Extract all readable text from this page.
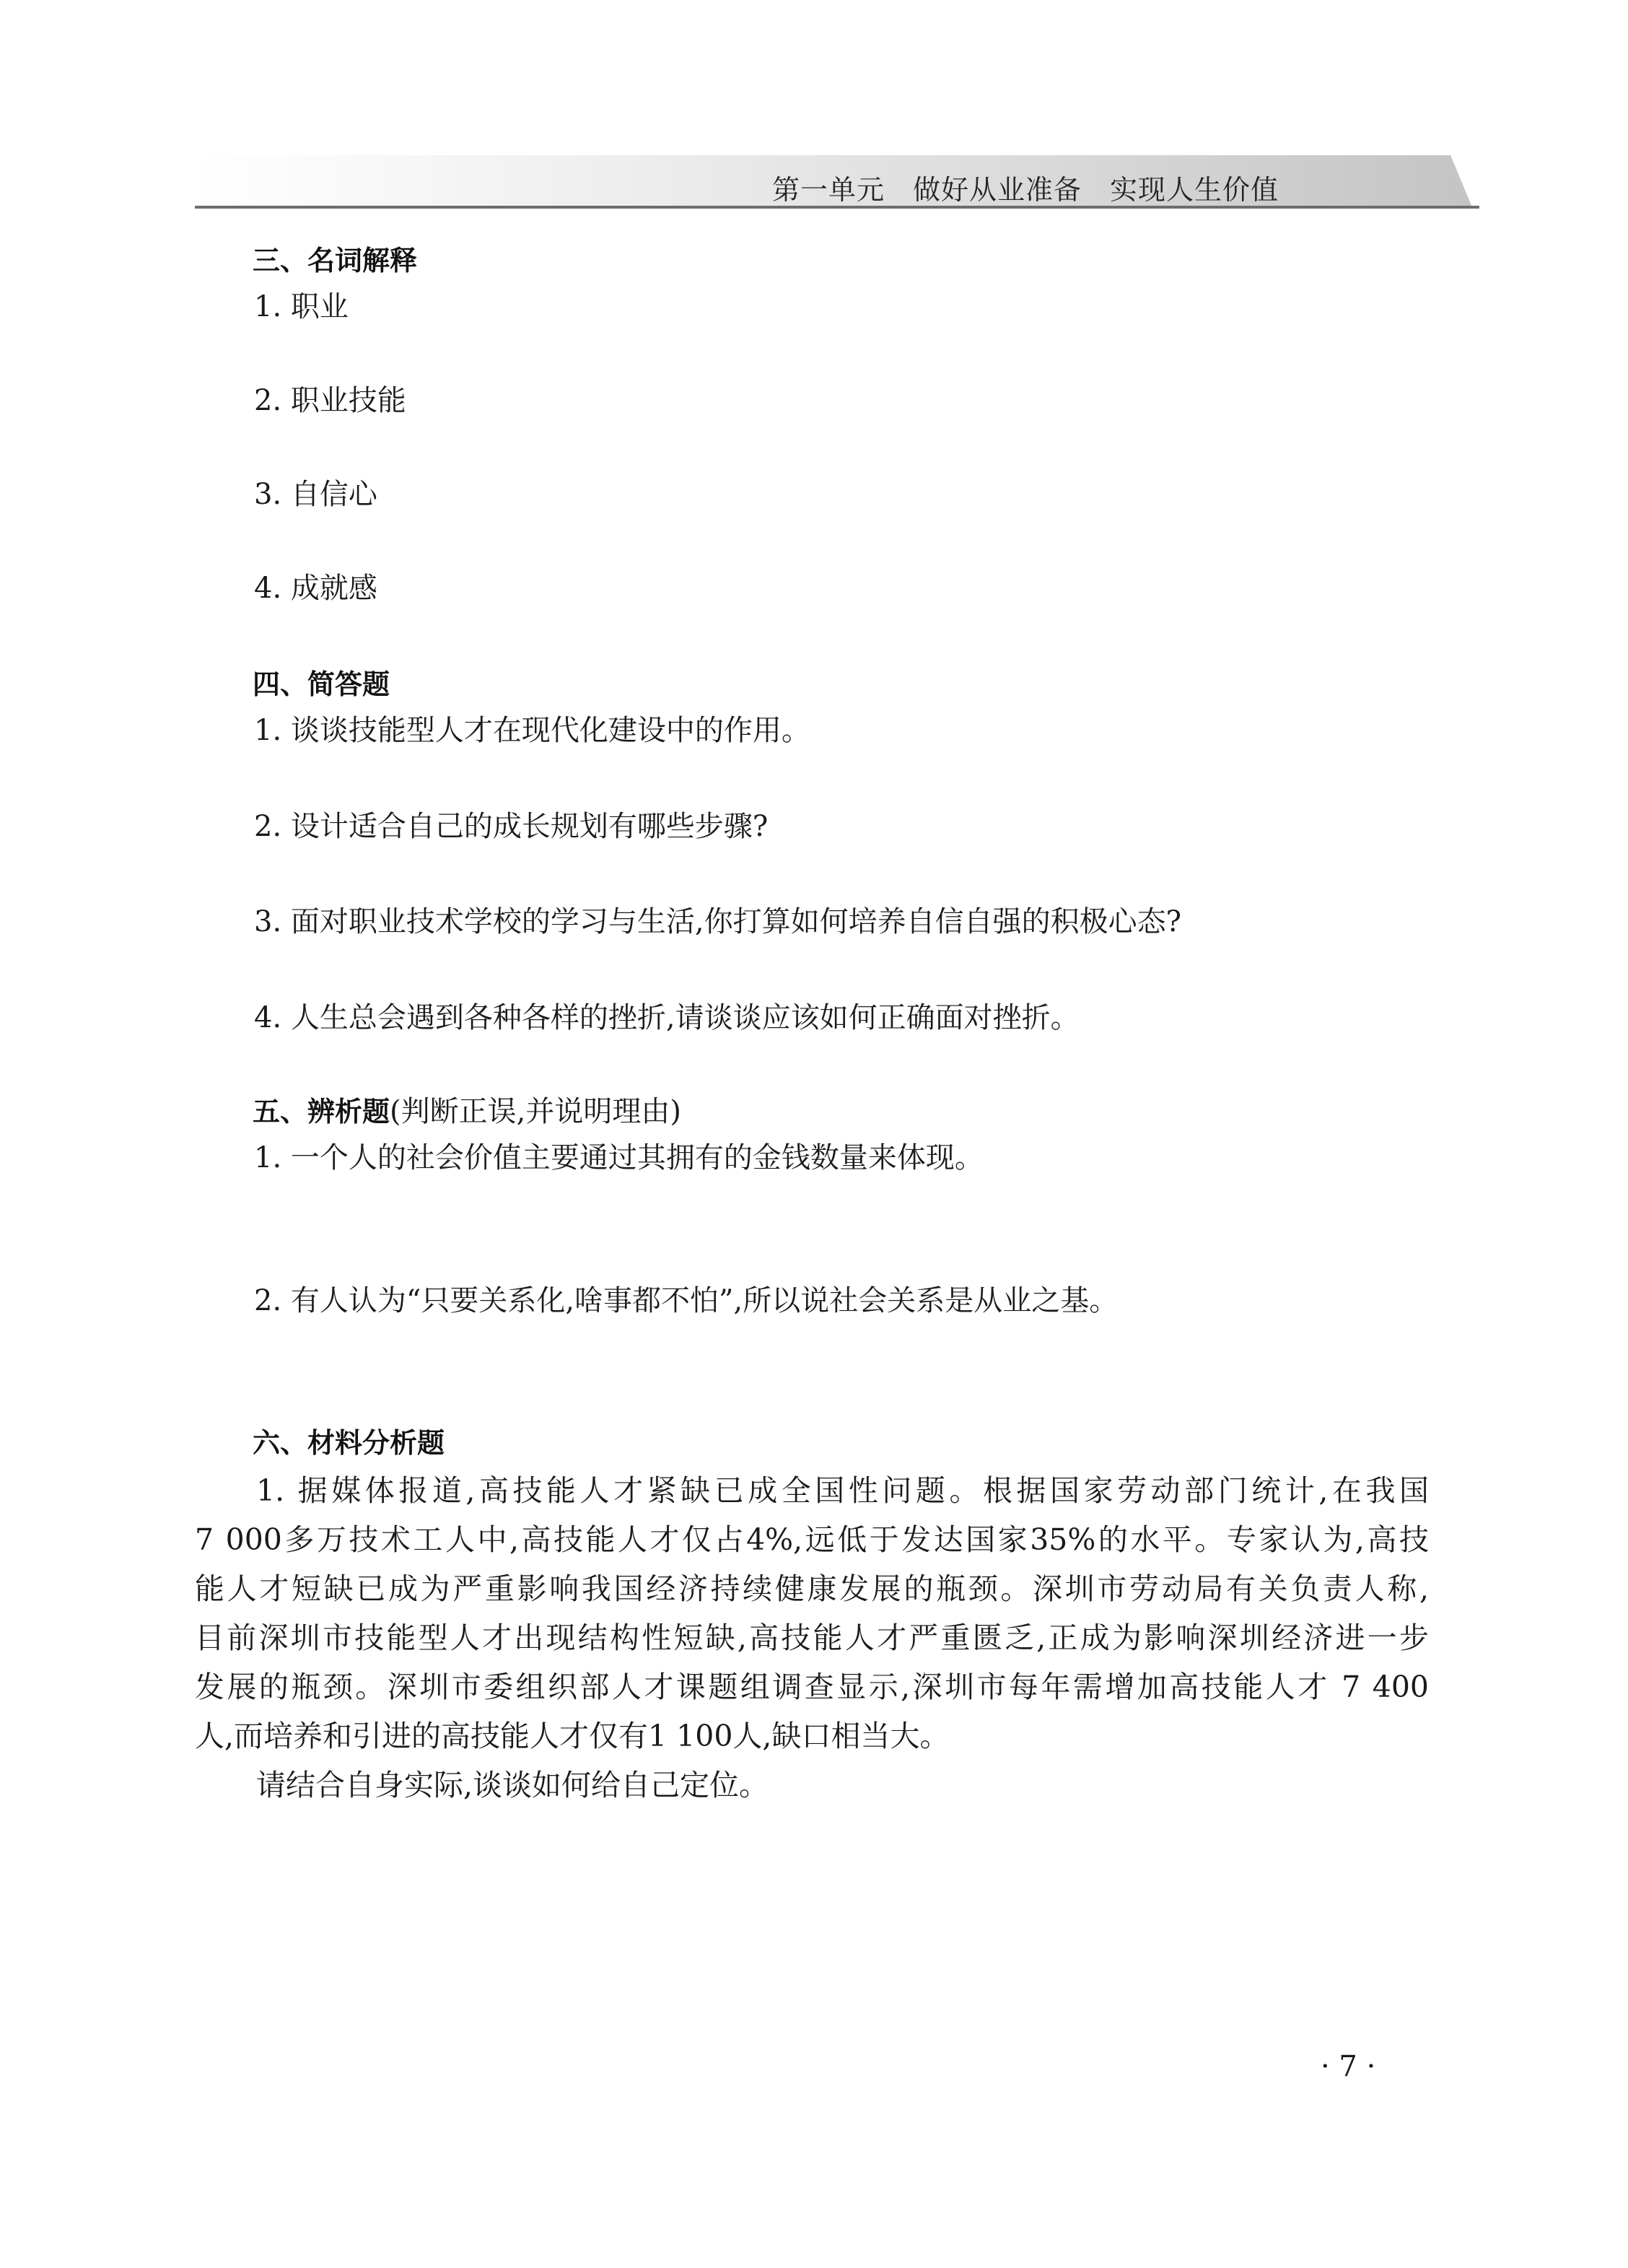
第一单元　做好从业准备　实现人生价值
三、名词解释
1. 职业
2. 职业技能
3. 自信心
4. 成就感
四、简答题
1. 谈谈技能型人才在现代化建设中的作用。
2. 设计适合自己的成长规划有哪些步骤?
3. 面对职业技术学校的学习与生活,你打算如何培养自信自强的积极心态?
4. 人生总会遇到各种各样的挫折,请谈谈应该如何正确面对挫折。
五、辨析题(判断正误,并说明理由)
1. 一个人的社会价值主要通过其拥有的金钱数量来体现。
2. 有人认为“只要关系化,啥事都不怕”,所以说社会关系是从业之基。
六、材料分析题
1. 据媒体报道,高技能人才紧缺已成全国性问题。根据国家劳动部门统计,在我国
7 000多万技术工人中,高技能人才仅占4%,远低于发达国家35%的水平。专家认为,高技
能人才短缺已成为严重影响我国经济持续健康发展的瓶颈。深圳市劳动局有关负责人称,
目前深圳市技能型人才出现结构性短缺,高技能人才严重匮乏,正成为影响深圳经济进一步
发展的瓶颈。深圳市委组织部人才课题组调查显示,深圳市每年需增加高技能人才 7 400
人,而培养和引进的高技能人才仅有1 100人,缺口相当大。
请结合自身实际,谈谈如何给自己定位。
· 7 ·
